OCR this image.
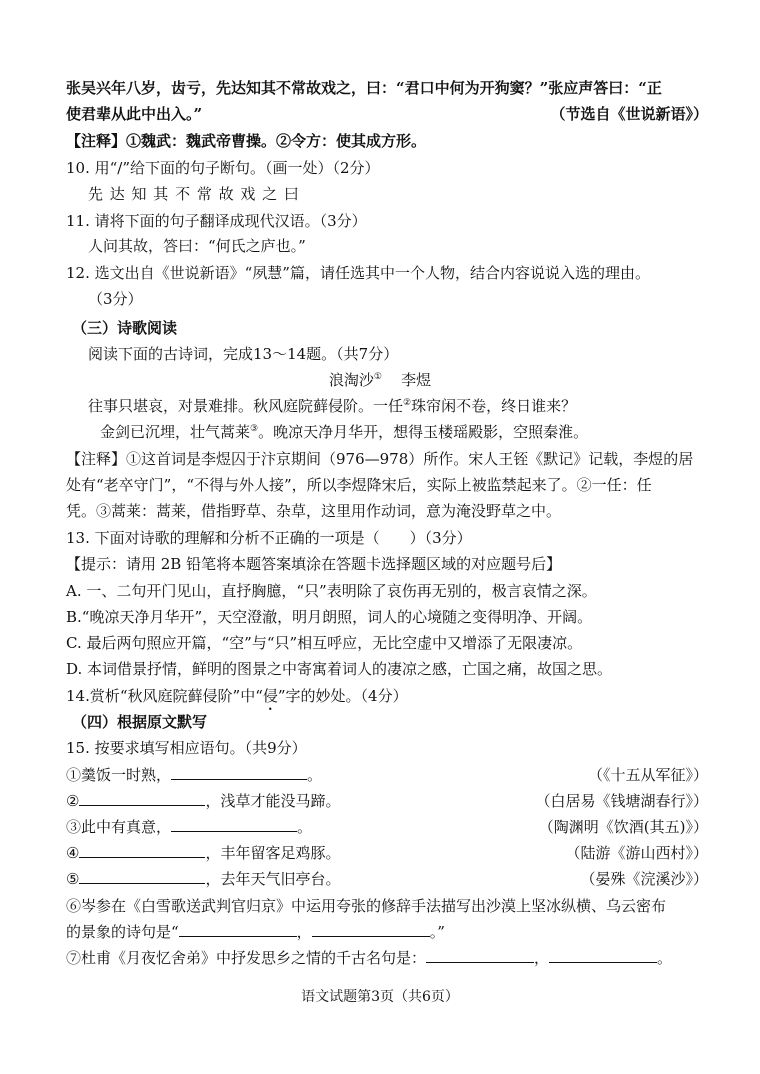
张吴兴年八岁，齿亏，先达知其不常故戏之，曰：“君口中何为开狗窦？”张应声答曰：“正
使君辈从此中出入。”	（节选自《世说新语》）
【注释】①魏武：魏武帝曹操。②令方：使其成方形。
10. 用“/”给下面的句子断句。（画一处）（2分）
先 达 知 其 不 常 故 戏 之 曰
11. 请将下面的句子翻译成现代汉语。（3分）
人问其故，答曰：“何氏之庐也。”
12. 选文出自《世说新语》“夙慧”篇，请任选其中一个人物，结合内容说说入选的理由。
（3分）
（三）诗歌阅读
阅读下面的古诗词，完成13～14题。（共7分）
浪淘沙① 李煜
往事只堪哀，对景难排。秋风庭院藓侵阶。一任②珠帘闲不卷，终日谁来？
金剑已沉埋，壮气蒿莱③。晚凉天净月华开，想得玉楼瑶殿影，空照秦淮。
【注释】①这首词是李煜囚于汴京期间（976—978）所作。宋人王铚《默记》记载，李煜的居
处有“老卒守门”，“不得与外人接”，所以李煜降宋后，实际上被监禁起来了。②一任：任
凭。③蒿莱：蒿莱，借指野草、杂草，这里用作动词，意为淹没野草之中。
13. 下面对诗歌的理解和分析不正确的一项是（　　）（3分）
【提示：请用 2B 铅笔将本题答案填涂在答题卡选择题区域的对应题号后】
A. 一、二句开门见山，直抒胸臆，“只”表明除了哀伤再无别的，极言哀情之深。
B.“晚凉天净月华开”，天空澄澈，明月朗照，词人的心境随之变得明净、开阔。
C. 最后两句照应开篇，“空”与“只”相互呼应，无比空虚中又增添了无限凄凉。
D. 本词借景抒情，鲜明的图景之中寄寓着词人的凄凉之感，亡国之痛，故国之思。
14.赏析“秋风庭院藓侵阶”中“侵”字的妙处。（4分）
（四）根据原文默写
15. 按要求填写相应语句。（共9分）
①羹饭一时熟，	。	（《十五从军征》）
②	，浅草才能没马蹄。	（白居易《钱塘湖春行》）
③此中有真意，	。	（陶渊明《饮酒(其五)》）
④	，丰年留客足鸡豚。	（陆游《游山西村》）
⑤	，去年天气旧亭台。	（晏殊《浣溪沙》）
⑥岑参在《白雪歌送武判官归京》中运用夸张的修辞手法描写出沙漠上坚冰纵横、乌云密布
的景象的诗句是“	，	。”
⑦杜甫《月夜忆舍弟》中抒发思乡之情的千古名句是：	，	。
语文试题第3页（共6页）
